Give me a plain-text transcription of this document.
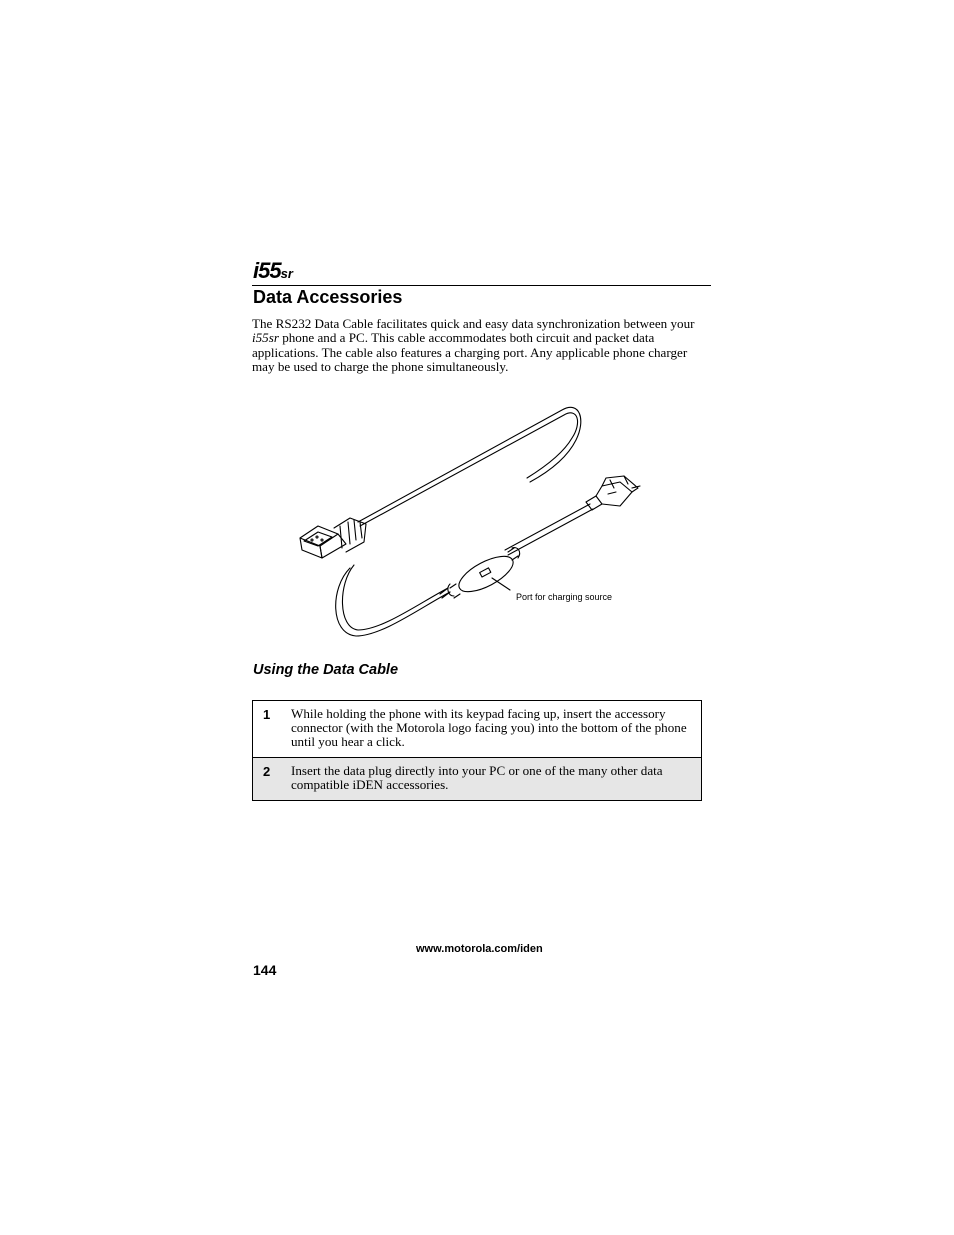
i55sr
Data Accessories

The RS232 Data Cable facilitates quick and easy data synchronization between your i55sr phone and a PC. This cable accommodates both circuit and packet data applications. The cable also features a charging port. Any applicable phone charger may be used to charge the phone simultaneously.

Port for charging source
Using the Data Cable
1	While holding the phone with its keypad facing up, insert the accessory connector (with the Motorola logo facing you) into the bottom of the phone until you hear a click.
2	Insert the data plug directly into your PC or one of the many other data compatible iDEN accessories.
www.motorola.com/iden
144
